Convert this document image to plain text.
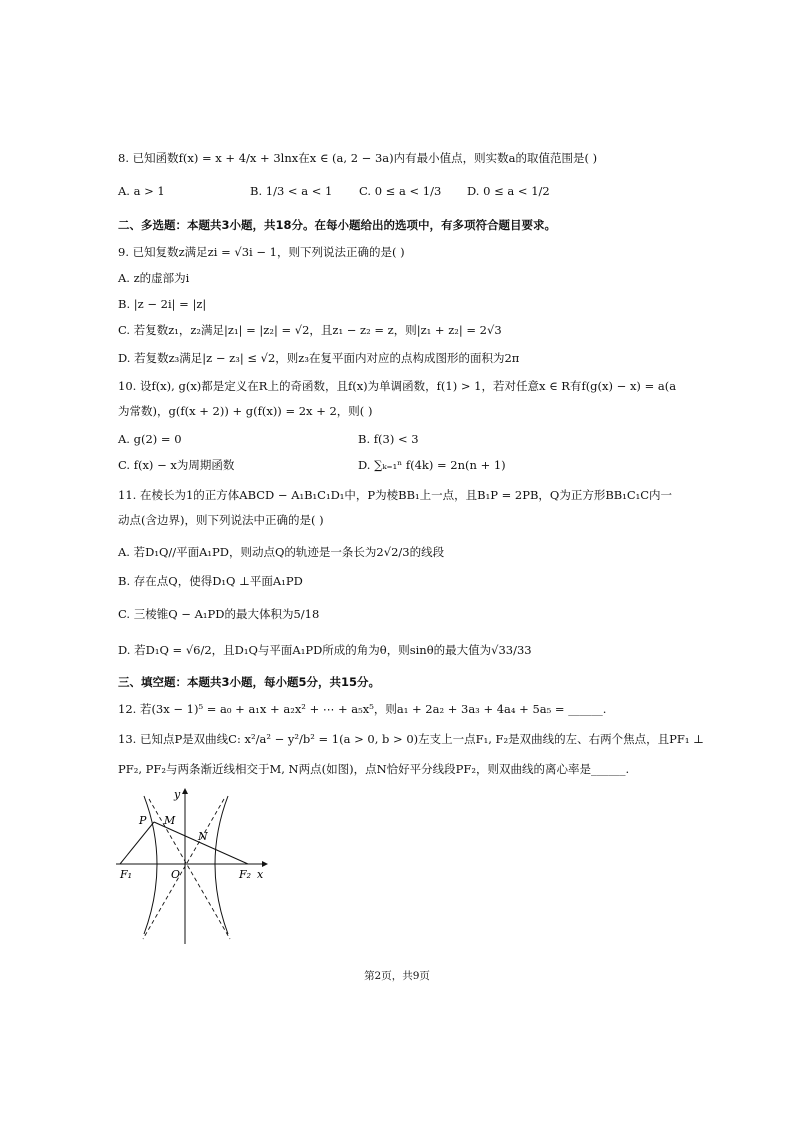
8. 已知函数f(x) = x + 4/x + 3lnx在x ∈ (a, 2 − 3a)内有最小值点，则实数a的取值范围是( )
A. a > 1	B. 1/3 < a < 1 C. 0 ≤ a < 1/3 D. 0 ≤ a < 1/2
二、多选题：本题共3小题，共18分。在每小题给出的选项中，有多项符合题目要求。
9. 已知复数z满足zi = √3i − 1，则下列说法正确的是( )
A. z的虚部为i
B. |z − 2i| = |z|
C. 若复数z₁，z₂满足|z₁| = |z₂| = √2，且z₁ − z₂ = z，则|z₁ + z₂| = 2√3
D. 若复数z₃满足|z − z₃| ≤ √2，则z₃在复平面内对应的点构成图形的面积为2π
10. 设f(x), g(x)都是定义在R上的奇函数，且f(x)为单调函数，f(1) > 1，若对任意x ∈ R有f(g(x) − x) = a(a
为常数)，g(f(x + 2)) + g(f(x)) = 2x + 2，则( )
A. g(2) = 0	B. f(3) < 3
C. f(x) − x为周期函数	D. ∑ₖ₌₁ⁿ f(4k) = 2n(n + 1)
11. 在棱长为1的正方体ABCD − A₁B₁C₁D₁中，P为棱BB₁上一点，且B₁P = 2PB，Q为正方形BB₁C₁C内一
动点(含边界)，则下列说法中正确的是( )
A. 若D₁Q//平面A₁PD，则动点Q的轨迹是一条长为2√2/3的线段
B. 存在点Q，使得D₁Q ⊥平面A₁PD
C. 三棱锥Q − A₁PD的最大体积为5/18
D. 若D₁Q = √6/2，且D₁Q与平面A₁PD所成的角为θ，则sinθ的最大值为√33/33
三、填空题：本题共3小题，每小题5分，共15分。
12. 若(3x − 1)⁵ = a₀ + a₁x + a₂x² + ⋯ + a₅x⁵，则a₁ + 2a₂ + 3a₃ + 4a₄ + 5a₅ = ______.
13. 已知点P是双曲线C: x²/a² − y²/b² = 1(a > 0, b > 0)左支上一点F₁, F₂是双曲线的左、右两个焦点，且PF₁ ⊥
PF₂, PF₂与两条渐近线相交于M, N两点(如图)，点N恰好平分线段PF₂，则双曲线的离心率是______.
y
x
P M
N
O
F₁	F₂
第2页，共9页
